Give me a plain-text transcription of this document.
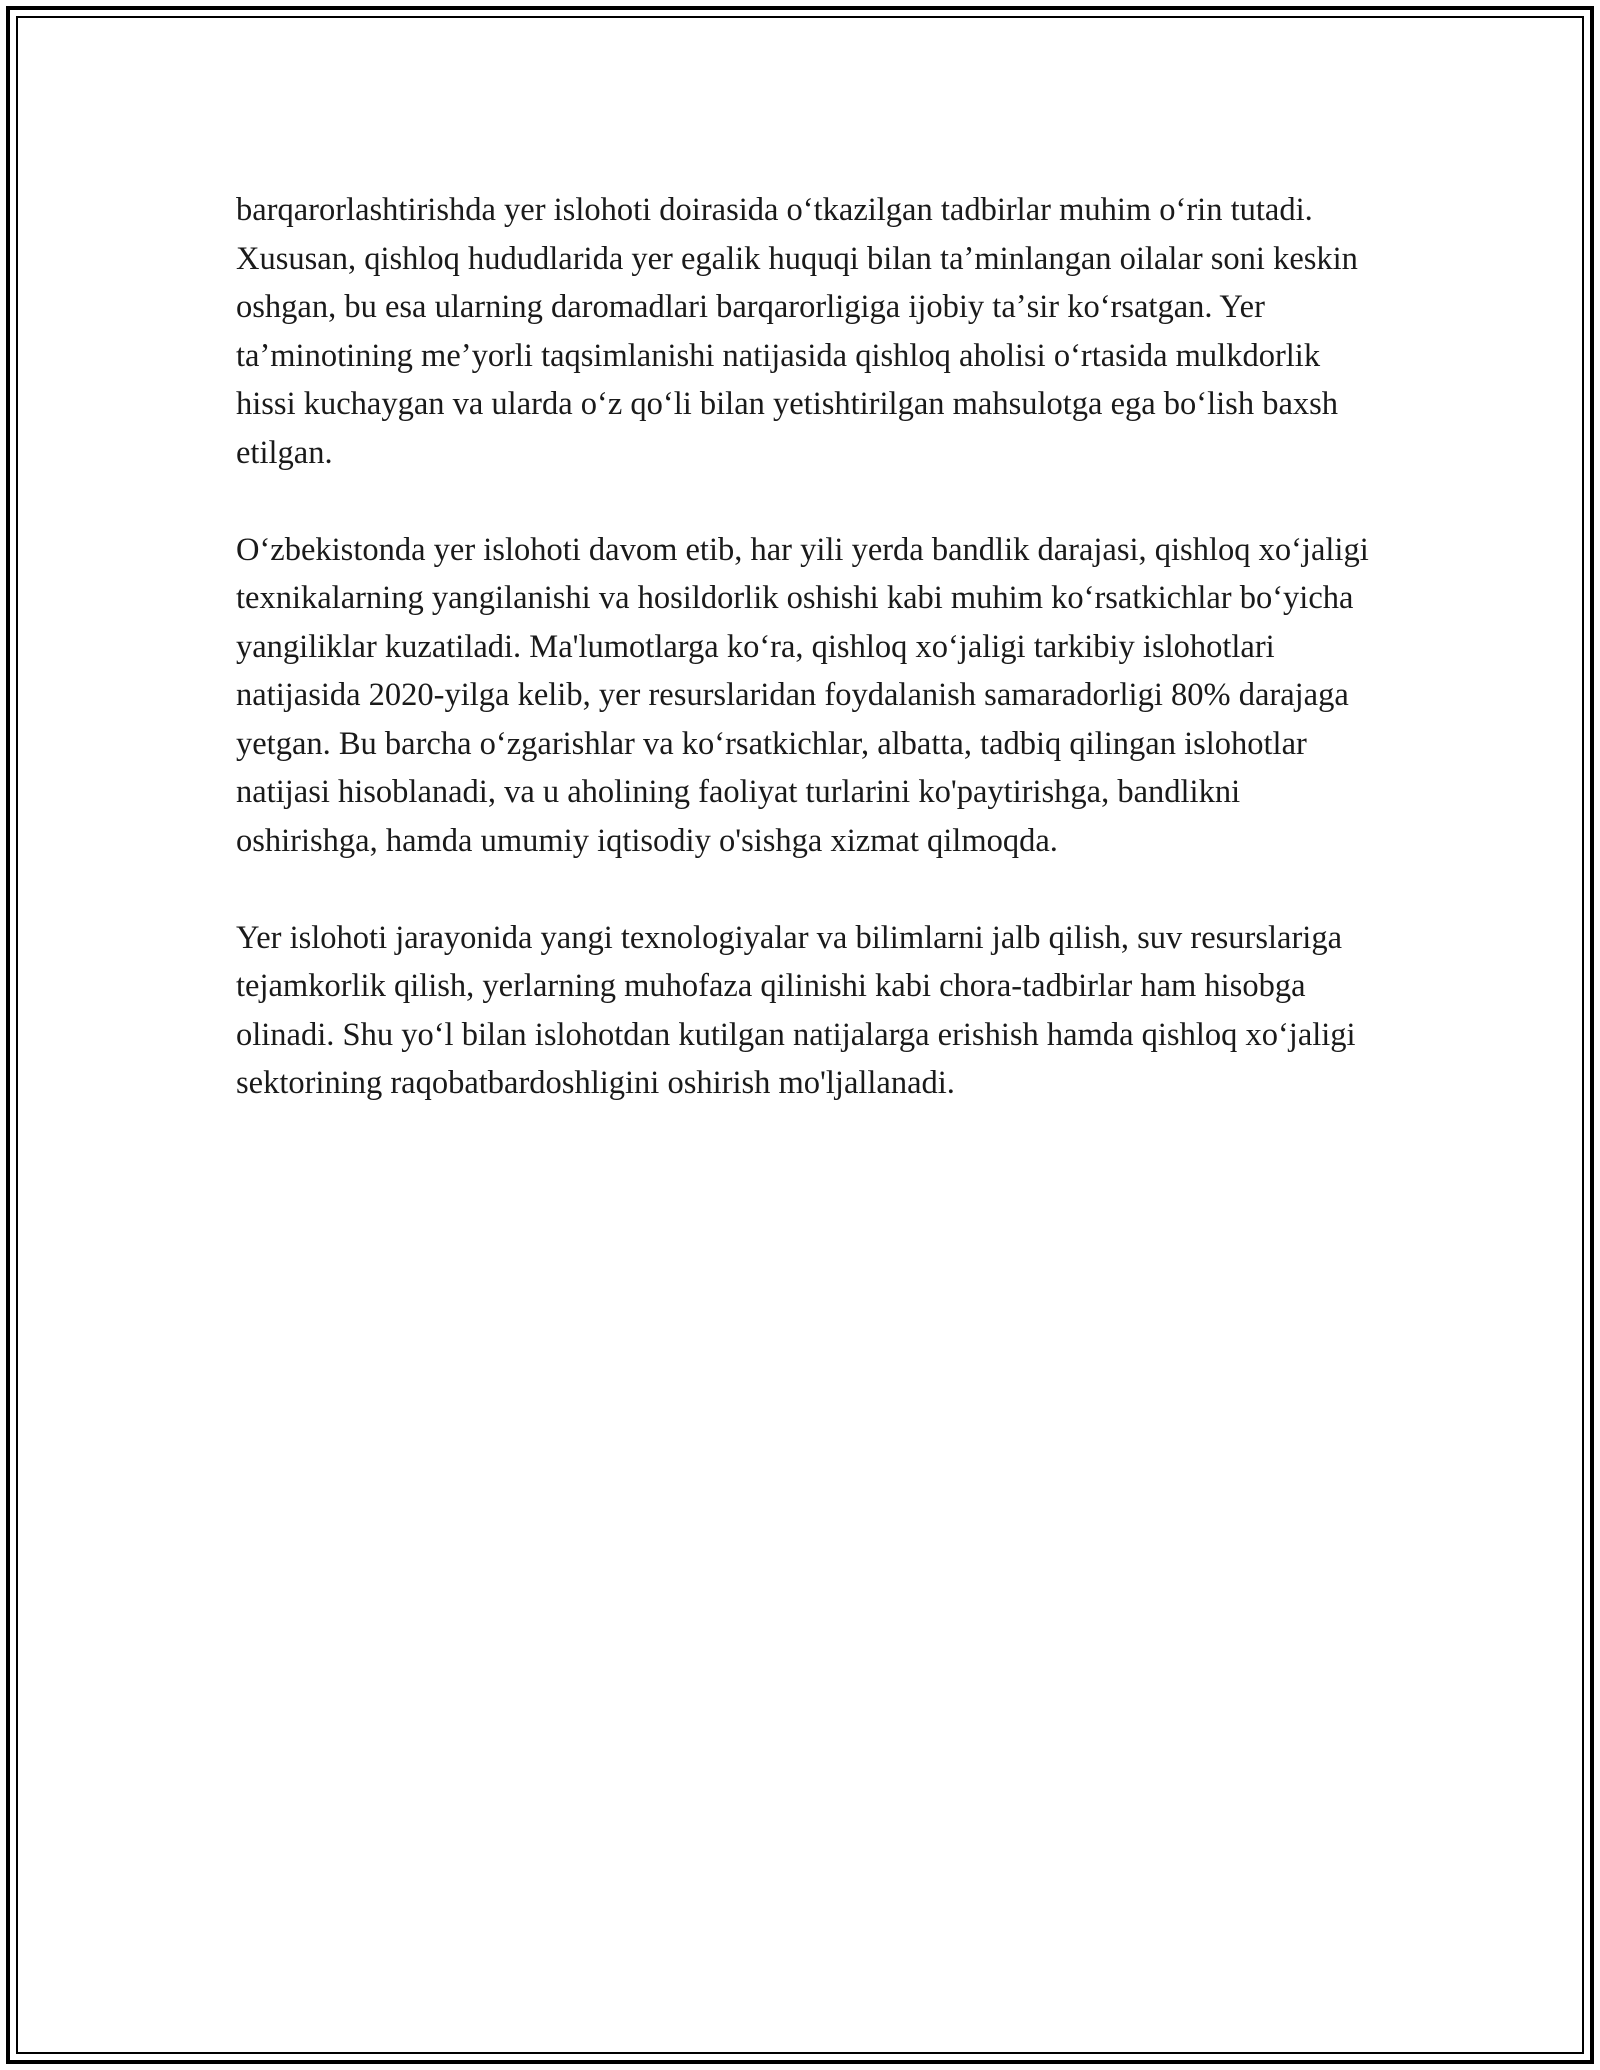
barqarorlashtirishda yer islohoti doirasida oʻtkazilgan tadbirlar muhim oʻrin tutadi. Xususan, qishloq hududlarida yer egalik huquqi bilan taʼminlangan oilalar soni keskin oshgan, bu esa ularning daromadlari barqarorligiga ijobiy taʼsir koʻrsatgan. Yer taʼminotining meʼyorli taqsimlanishi natijasida qishloq aholisi oʻrtasida mulkdorlik hissi kuchaygan va ularda oʻz qoʻli bilan yetishtirilgan mahsulotga ega boʻlish baxsh etilgan.

Oʻzbekistonda yer islohoti davom etib, har yili yerda bandlik darajasi, qishloq xoʻjaligi texnikalarning yangilanishi va hosildorlik oshishi kabi muhim koʻrsatkichlar boʻyicha yangiliklar kuzatiladi. Ma'lumotlarga koʻra, qishloq xoʻjaligi tarkibiy islohotlari natijasida 2020-yilga kelib, yer resurslaridan foydalanish samaradorligi 80% darajaga yetgan. Bu barcha oʻzgarishlar va koʻrsatkichlar, albatta, tadbiq qilingan islohotlar natijasi hisoblanadi, va u aholining faoliyat turlarini ko'paytirishga, bandlikni oshirishga, hamda umumiy iqtisodiy o'sishga xizmat qilmoqda.

Yer islohoti jarayonida yangi texnologiyalar va bilimlarni jalb qilish, suv resurslariga tejamkorlik qilish, yerlarning muhofaza qilinishi kabi chora-tadbirlar ham hisobga olinadi. Shu yoʻl bilan islohotdan kutilgan natijalarga erishish hamda qishloq xoʻjaligi sektorining raqobatbardoshligini oshirish mo'ljallanadi.
